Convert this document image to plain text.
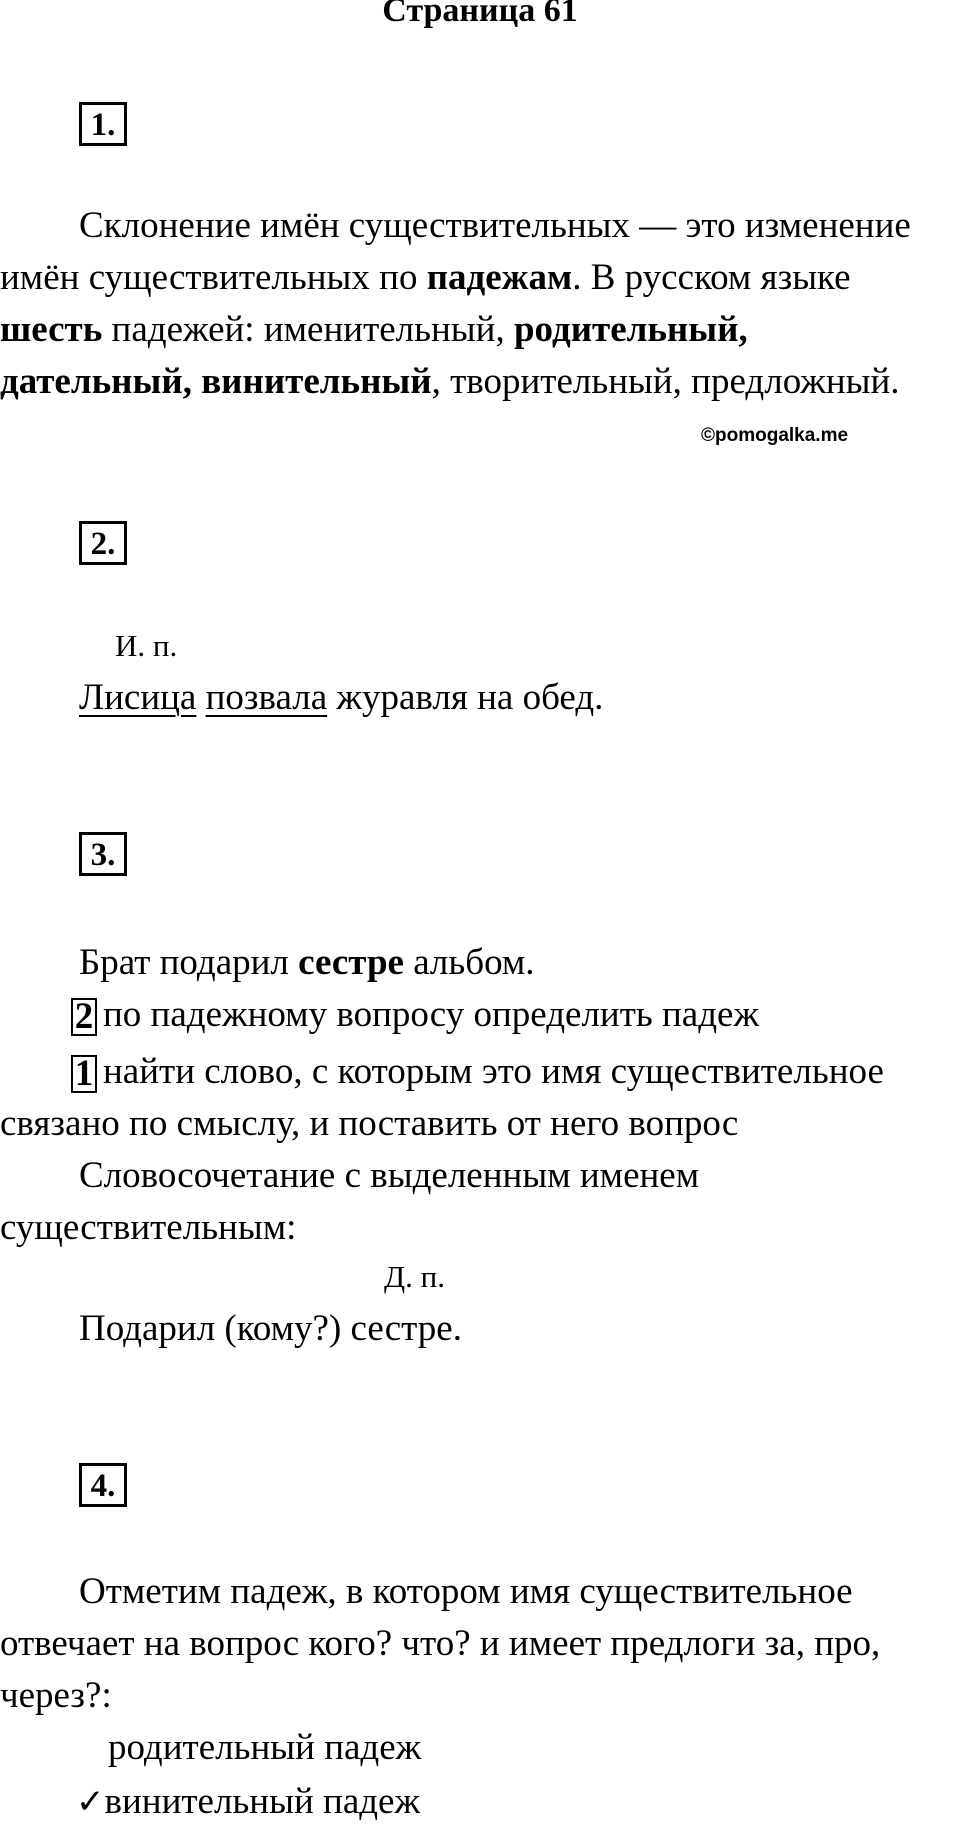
Страница 61
1.
Склонение имён существительных — это изменение
имён существительных по падежам. В русском языке
шесть падежей: именительный, родительный,
дательный, винительный, творительный, предложный.
©pomogalka.me
2.
И. п.
Лисица позвала журавля на обед.
3.
Брат подарил сестре альбом.
2 по падежному вопросу определить падеж
1 найти слово, с которым это имя существительное
связано по смыслу, и поставить от него вопрос
Словосочетание с выделенным именем
существительным:
Д. п.
Подарил (кому?) сестре.
4.
Отметим падеж, в котором имя существительное
отвечает на вопрос кого? что? и имеет предлоги за, про,
через?:
родительный падеж
✓винительный падеж
